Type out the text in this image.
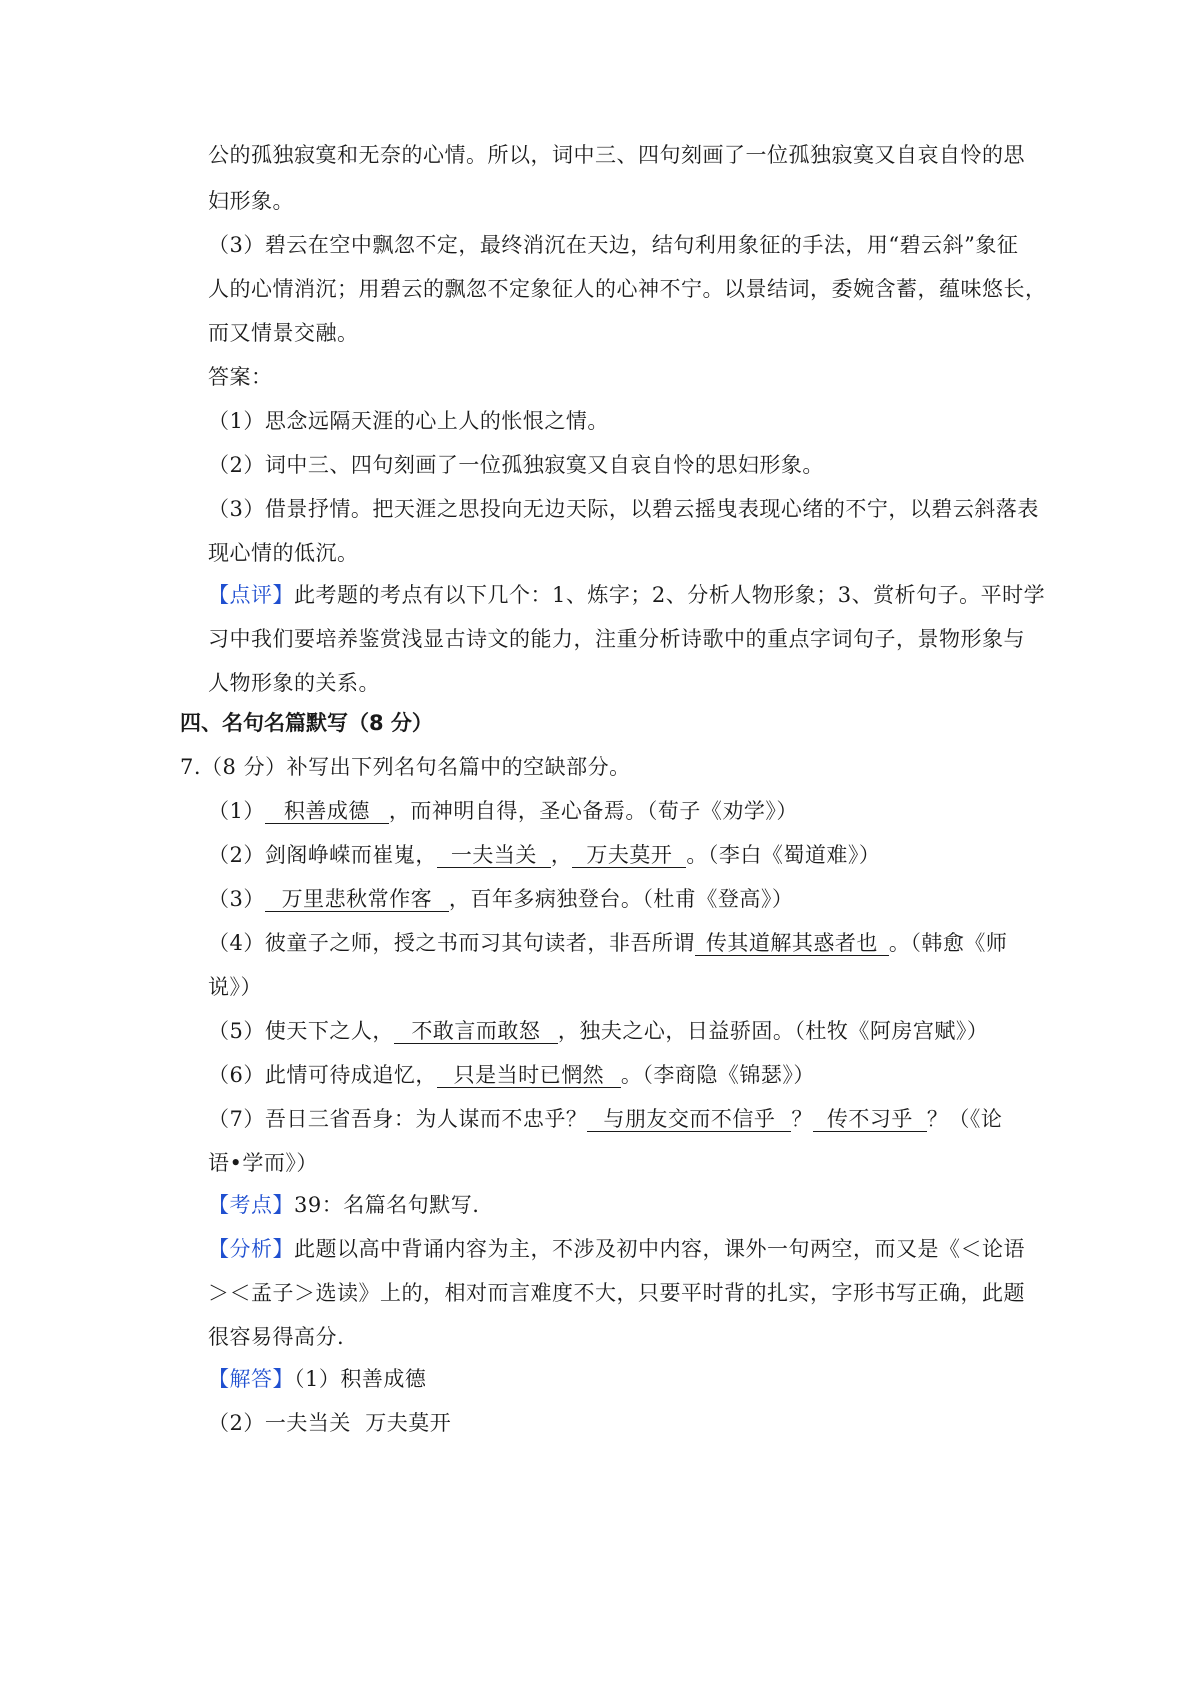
公的孤独寂寞和无奈的心情。所以，词中三、四句刻画了一位孤独寂寞又自哀自怜的思
妇形象。
（3）碧云在空中飘忽不定，最终消沉在天边，结句利用象征的手法，用“碧云斜”象征
人的心情消沉；用碧云的飘忽不定象征人的心神不宁。以景结词，委婉含蓄，蕴味悠长，
而又情景交融。
答案：
（1）思念远隔天涯的心上人的怅恨之情。
（2）词中三、四句刻画了一位孤独寂寞又自哀自怜的思妇形象。
（3）借景抒情。把天涯之思投向无边天际，以碧云摇曳表现心绪的不宁，以碧云斜落表
现心情的低沉。
【点评】此考题的考点有以下几个：1、炼字；2、分析人物形象；3、赏析句子。平时学
习中我们要培养鉴赏浅显古诗文的能力，注重分析诗歌中的重点字词句子，景物形象与
人物形象的关系。
四、名句名篇默写（8 分）
7.（8 分）补写出下列名句名篇中的空缺部分。
（1） 积善成德 ，而神明自得，圣心备焉。（荀子《劝学》）
（2）剑阁峥嵘而崔嵬， 一夫当关 ， 万夫莫开 。（李白《蜀道难》）
（3） 万里悲秋常作客 ，百年多病独登台。（杜甫《登高》）
（4）彼童子之师，授之书而习其句读者，非吾所谓 传其道解其惑者也 。（韩愈《师
说》）
（5）使天下之人， 不敢言而敢怒 ，独夫之心，日益骄固。（杜牧《阿房宫赋》）
（6）此情可待成追忆， 只是当时已惘然 。（李商隐《锦瑟》）
（7）吾日三省吾身：为人谋而不忠乎？ 与朋友交而不信乎 ？ 传不习乎 ？（《论
语•学而》）
【考点】39：名篇名句默写.
【分析】此题以高中背诵内容为主，不涉及初中内容，课外一句两空，而又是《＜论语
＞＜孟子＞选读》上的，相对而言难度不大，只要平时背的扎实，字形书写正确，此题
很容易得高分.
【解答】（1）积善成德
（2）一夫当关  万夫莫开
